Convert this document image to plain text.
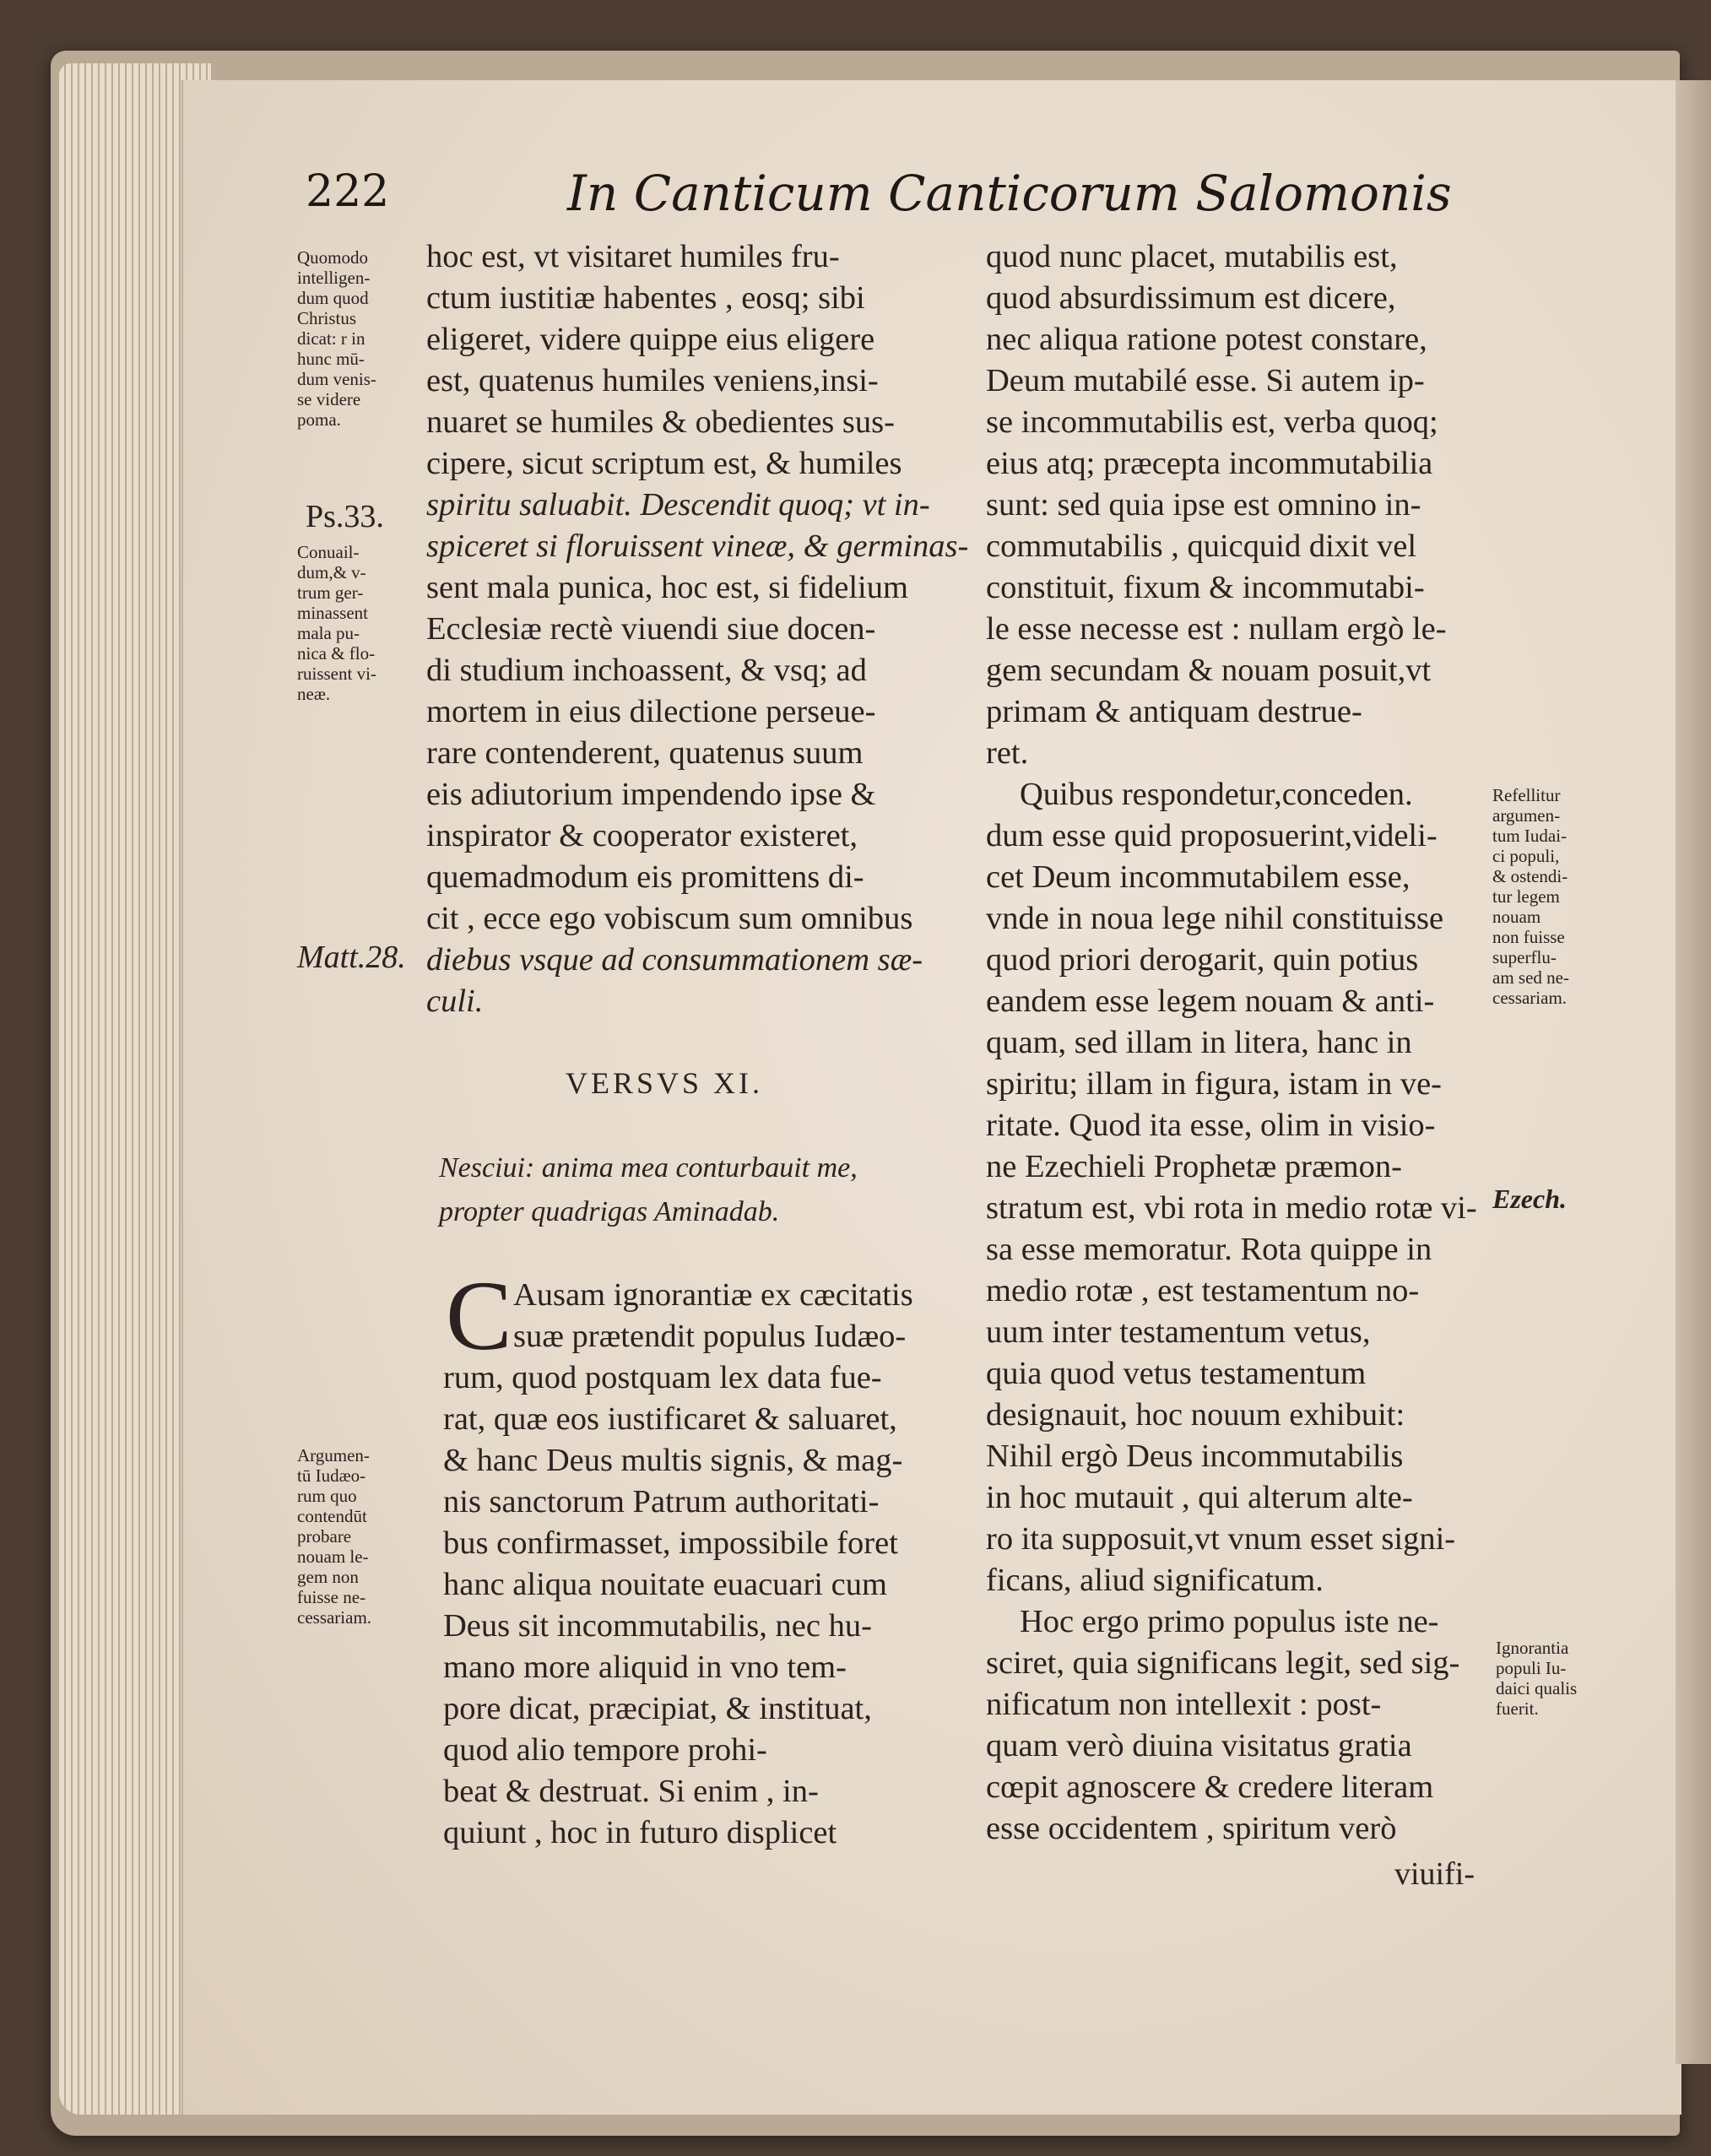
222	In Canticum Canticorum Salomonis
Quomodo
intelligen-
dum quod
Christus
dicat: r in
hunc mū-
dum venis-
se videre
poma.
Ps.33.
Conuail-
dum,& v-
trum ger-
minassent
mala pu-
nica & flo-
ruissent vi-
neæ.
Matt.28.
Argumen-
tū Iudæo-
rum quo
contendūt
probare
nouam le-
gem non
fuisse ne-
cessariam.
hoc est, vt visitaret humiles fru-
ctum iustitiæ habentes , eosq; sibi
eligeret, videre quippe eius eligere
est, quatenus humiles veniens,insi-
nuaret se humiles & obedientes sus-
cipere, sicut scriptum est, & humiles
spiritu saluabit. Descendit quoq; vt in-
spiceret si floruissent vineæ, & germinas-
sent mala punica, hoc est, si fidelium
Ecclesiæ rectè viuendi siue docen-
di studium inchoassent, & vsq; ad
mortem in eius dilectione perseue-
rare contenderent, quatenus suum
eis adiutorium impendendo ipse &
inspirator & cooperator existeret,
quemadmodum eis promittens di-
cit , ecce ego vobiscum sum omnibus
diebus vsque ad consummationem sæ-
culi.
VERSVS XI.
Nesciui: anima mea conturbauit me,
propter quadrigas Aminadab.
C Ausam ignorantiæ ex cæcitatis
suæ prætendit populus Iudæo-
rum, quod postquam lex data fue-
rat, quæ eos iustificaret & saluaret,
& hanc Deus multis signis, & mag-
nis sanctorum Patrum authoritati-
bus confirmasset, impossibile foret
hanc aliqua nouitate euacuari cum
Deus sit incommutabilis, nec hu-
mano more aliquid in vno tem-
pore dicat, præcipiat, & instituat,
quod alio tempore prohi-
beat & destruat. Si enim , in-
quiunt , hoc in futuro displicet
quod nunc placet, mutabilis est,
quod absurdissimum est dicere,
nec aliqua ratione potest constare,
Deum mutabilé esse. Si autem ip-
se incommutabilis est, verba quoq;
eius atq; præcepta incommutabilia
sunt: sed quia ipse est omnino in-
commutabilis , quicquid dixit vel
constituit, fixum & incommutabi-
le esse necesse est : nullam ergò le-
gem secundam & nouam posuit,vt
primam & antiquam destrue-
ret.
Quibus respondetur,conceden.
dum esse quid proposuerint,videli-
cet Deum incommutabilem esse,
vnde in noua lege nihil constituisse
quod priori derogarit, quin potius
eandem esse legem nouam & anti-
quam, sed illam in litera, hanc in
spiritu; illam in figura, istam in ve-
ritate. Quod ita esse, olim in visio-
ne Ezechieli Prophetæ præmon-
stratum est, vbi rota in medio rotæ vi-
sa esse memoratur. Rota quippe in
medio rotæ , est testamentum no-
uum inter testamentum vetus,
quia quod vetus testamentum
designauit, hoc nouum exhibuit:
Nihil ergò Deus incommutabilis
in hoc mutauit , qui alterum alte-
ro ita supposuit,vt vnum esset signi-
ficans, aliud significatum.
Hoc ergo primo populus iste ne-
sciret, quia significans legit, sed sig-
nificatum non intellexit : post-
quam verò diuina visitatus gratia
cœpit agnoscere & credere literam
esse occidentem , spiritum verò
viuifi-
Refellitur
argumen-
tum Iudai-
ci populi,
& ostendi-
tur legem
nouam
non fuisse
superflu-
am sed ne-
cessariam.
Ezech.
Ignorantia
populi Iu-
daici qualis
fuerit.
